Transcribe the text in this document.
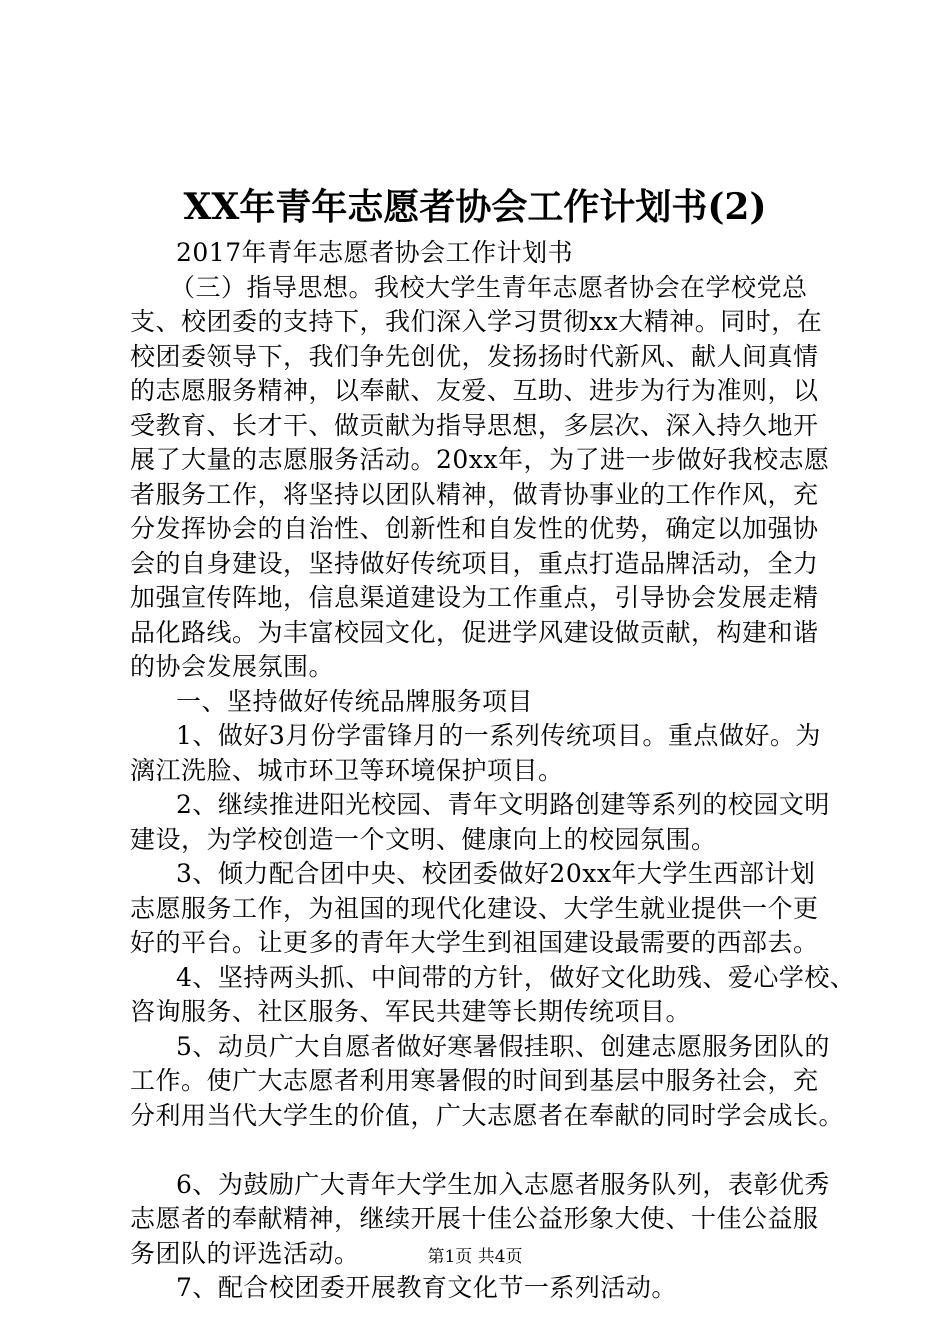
XX年青年志愿者协会工作计划书(2)
2017年青年志愿者协会工作计划书
（三）指导思想。我校大学生青年志愿者协会在学校党总
支、校团委的支持下，我们深入学习贯彻xx大精神。同时，在
校团委领导下，我们争先创优，发扬扬时代新风、献人间真情
的志愿服务精神，以奉献、友爱、互助、进步为行为准则，以
受教育、长才干、做贡献为指导思想，多层次、深入持久地开
展了大量的志愿服务活动。20xx年，为了进一步做好我校志愿
者服务工作，将坚持以团队精神，做青协事业的工作作风，充
分发挥协会的自治性、创新性和自发性的优势，确定以加强协
会的自身建设，坚持做好传统项目，重点打造品牌活动，全力
加强宣传阵地，信息渠道建设为工作重点，引导协会发展走精
品化路线。为丰富校园文化，促进学风建设做贡献，构建和谐
的协会发展氛围。
一、坚持做好传统品牌服务项目
1、做好3月份学雷锋月的一系列传统项目。重点做好。为
漓江洗脸、城市环卫等环境保护项目。
2、继续推进阳光校园、青年文明路创建等系列的校园文明
建设，为学校创造一个文明、健康向上的校园氛围。
3、倾力配合团中央、校团委做好20xx年大学生西部计划
志愿服务工作，为祖国的现代化建设、大学生就业提供一个更
好的平台。让更多的青年大学生到祖国建设最需要的西部去。
4、坚持两头抓、中间带的方针，做好文化助残、爱心学校、
咨询服务、社区服务、军民共建等长期传统项目。
5、动员广大自愿者做好寒暑假挂职、创建志愿服务团队的
工作。使广大志愿者利用寒暑假的时间到基层中服务社会，充
分利用当代大学生的价值，广大志愿者在奉献的同时学会成长。
6、为鼓励广大青年大学生加入志愿者服务队列，表彰优秀
志愿者的奉献精神，继续开展十佳公益形象大使、十佳公益服
务团队的评选活动。
7、配合校团委开展教育文化节一系列活动。
第1页 共4页
